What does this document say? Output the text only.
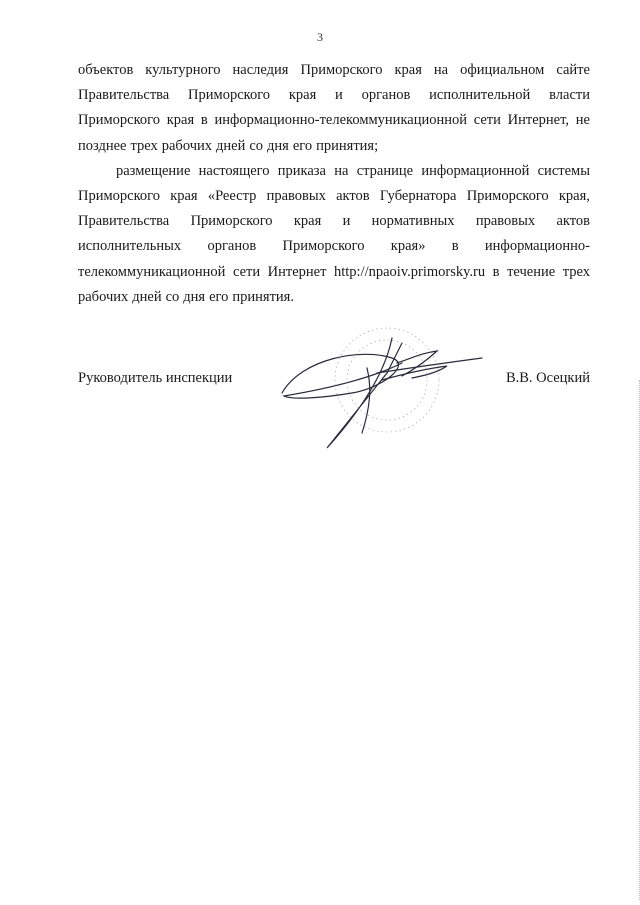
3
объектов культурного наследия Приморского края на официальном сайте
Правительства Приморского края и органов исполнительной власти
Приморского края в информационно-телекоммуникационной сети Интернет, не
позднее трех рабочих дней со дня его принятия;
размещение настоящего приказа на странице информационной системы
Приморского края «Реестр правовых актов Губернатора Приморского края,
Правительства Приморского края и нормативных правовых актов
исполнительных органов Приморского края» в информационно-
телекоммуникационной сети Интернет http://npaoiv.primorsky.ru в течение трех
рабочих дней со дня его принятия.
Руководитель инспекции	В.В. Осецкий
